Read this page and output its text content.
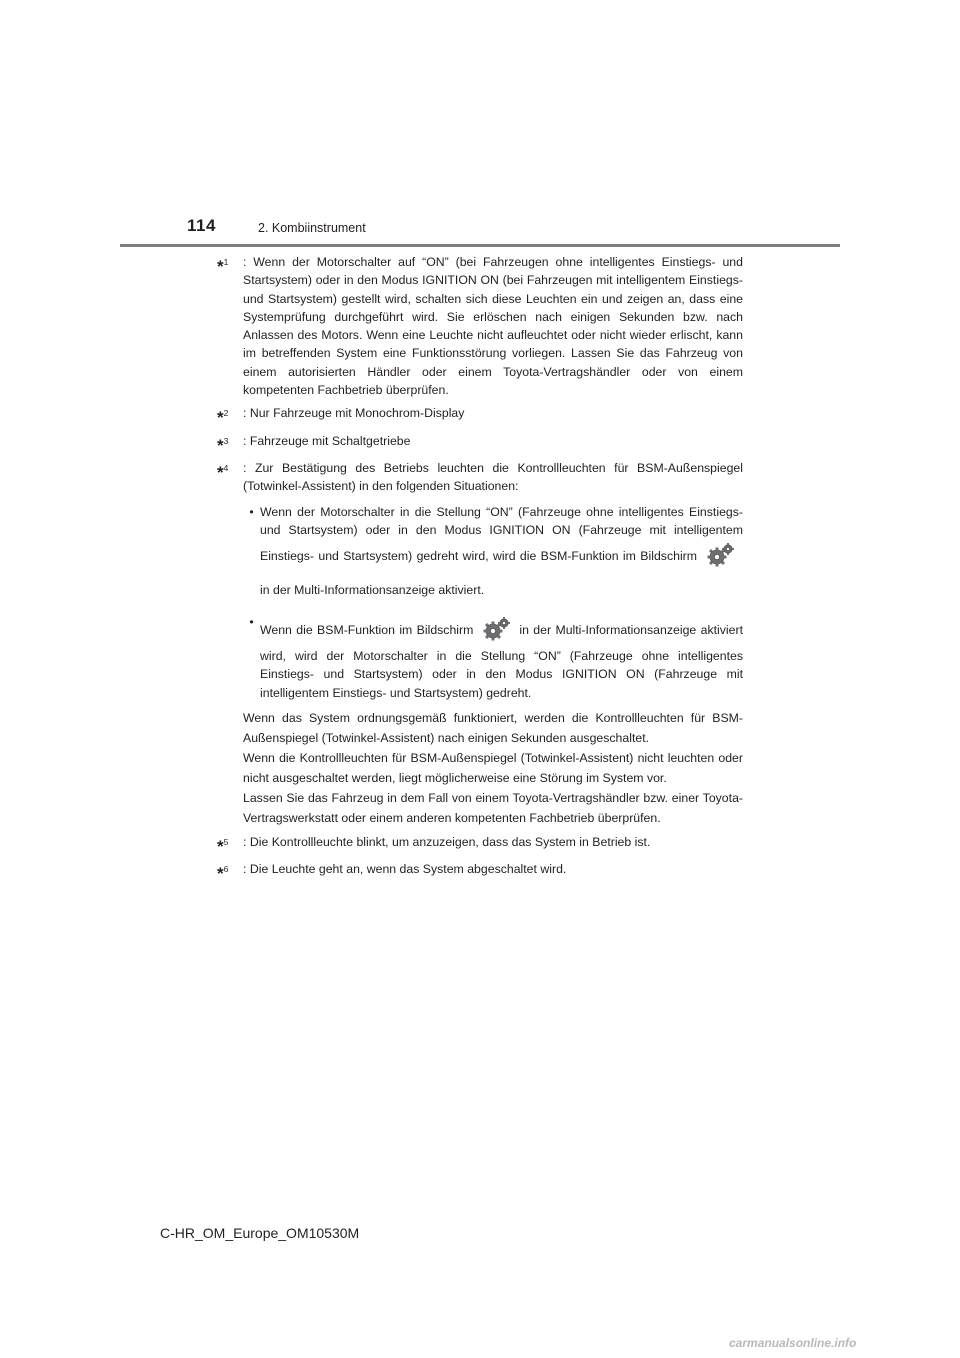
114	2. Kombiinstrument
*$^1$	: Wenn der Motorschalter auf “ON” (bei Fahrzeugen ohne intelligentes Einstiegs- und Startsystem) oder in den Modus IGNITION ON (bei Fahrzeugen mit intelligentem Einstiegs- und Startsystem) gestellt wird, schalten sich diese Leuchten ein und zeigen an, dass eine Systemprüfung durchgeführt wird. Sie erlöschen nach einigen Sekunden bzw. nach Anlassen des Motors. Wenn eine Leuchte nicht aufleuchtet oder nicht wieder erlischt, kann im betreffenden System eine Funktionsstörung vorliegen. Lassen Sie das Fahrzeug von einem autorisierten Händler oder einem Toyota-Vertragshändler oder von einem kompetenten Fachbetrieb überprüfen.

*$^2$	: Nur Fahrzeuge mit Monochrom-Display

*$^3$	: Fahrzeuge mit Schaltgetriebe

*$^4$	: Zur Bestätigung des Betriebs leuchten die Kontrollleuchten für BSM-Außenspiegel (Totwinkel-Assistent) in den folgenden Situationen:

• Wenn der Motorschalter in die Stellung “ON” (Fahrzeuge ohne intelligentes Einstiegs- und Startsystem) oder in den Modus IGNITION ON (Fahrzeuge mit intelligentem Einstiegs- und Startsystem) gedreht wird, wird die BSM-Funktion im Bildschirmin der Multi-Informationsanzeige aktiviert.
•
Wenn die BSM-Funktion im Bildschirm	in der Multi-Informationsanzeige aktiviert wird, wird der Motorschalter in die Stellung “ON” (Fahrzeuge ohne intelligentes Einstiegs- und Startsystem) oder in den Modus IGNITION ON (Fahrzeuge mit intelligentem Einstiegs- und Startsystem) gedreht.

Wenn das System ordnungsgemäß funktioniert, werden die Kontrollleuchten für BSM-Außenspiegel (Totwinkel-Assistent) nach einigen Sekunden ausgeschaltet.

Wenn die Kontrollleuchten für BSM-Außenspiegel (Totwinkel-Assistent) nicht leuchten oder nicht ausgeschaltet werden, liegt möglicherweise eine Störung im System vor.

Lassen Sie das Fahrzeug in dem Fall von einem Toyota-Vertragshändler bzw. einer Toyota-Vertragswerkstatt oder einem anderen kompetenten Fachbetrieb überprüfen.

*$^5$	: Die Kontrollleuchte blinkt, um anzuzeigen, dass das System in Betrieb ist.

*$^6$	: Die Leuchte geht an, wenn das System abgeschaltet wird.

C-HR_OM_Europe_OM10530M
carmanualsonline.info
